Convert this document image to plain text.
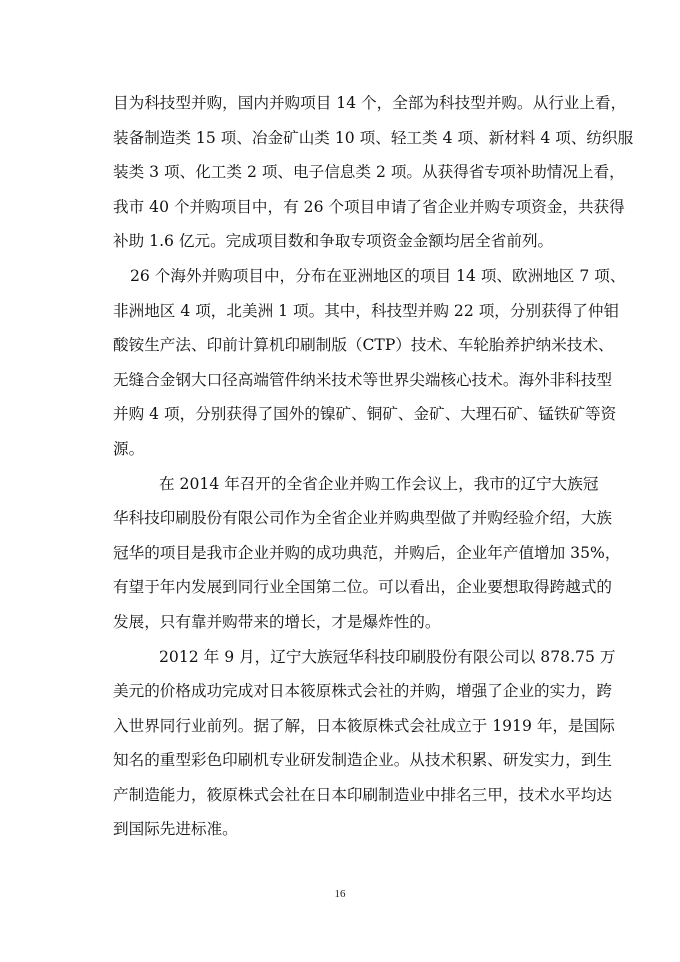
目为科技型并购，国内并购项目 14 个，全部为科技型并购。从行业上看，
装备制造类 15 项、冶金矿山类 10 项、轻工类 4 项、新材料 4 项、纺织服
装类 3 项、化工类 2 项、电子信息类 2 项。从获得省专项补助情况上看，
我市 40 个并购项目中，有 26 个项目申请了省企业并购专项资金，共获得
补助 1.6 亿元。完成项目数和争取专项资金金额均居全省前列。

26 个海外并购项目中，分布在亚洲地区的项目 14 项、欧洲地区 7 项、
非洲地区 4 项，北美洲 1 项。其中，科技型并购 22 项，分别获得了仲钼
酸铵生产法、印前计算机印刷制版（CTP）技术、车轮胎养护纳米技术、
无缝合金钢大口径高端管件纳米技术等世界尖端核心技术。海外非科技型
并购 4 项，分别获得了国外的镍矿、铜矿、金矿、大理石矿、锰铁矿等资
源。

在 2014 年召开的全省企业并购工作会议上，我市的辽宁大族冠
华科技印刷股份有限公司作为全省企业并购典型做了并购经验介绍，大族
冠华的项目是我市企业并购的成功典范，并购后，企业年产值增加 35%，
有望于年内发展到同行业全国第二位。可以看出，企业要想取得跨越式的
发展，只有靠并购带来的增长，才是爆炸性的。

2012 年 9 月，辽宁大族冠华科技印刷股份有限公司以 878.75 万
美元的价格成功完成对日本筱原株式会社的并购，增强了企业的实力，跨
入世界同行业前列。据了解，日本筱原株式会社成立于 1919 年，是国际
知名的重型彩色印刷机专业研发制造企业。从技术积累、研发实力，到生
产制造能力，筱原株式会社在日本印刷制造业中排名三甲，技术水平均达
到国际先进标准。

16
